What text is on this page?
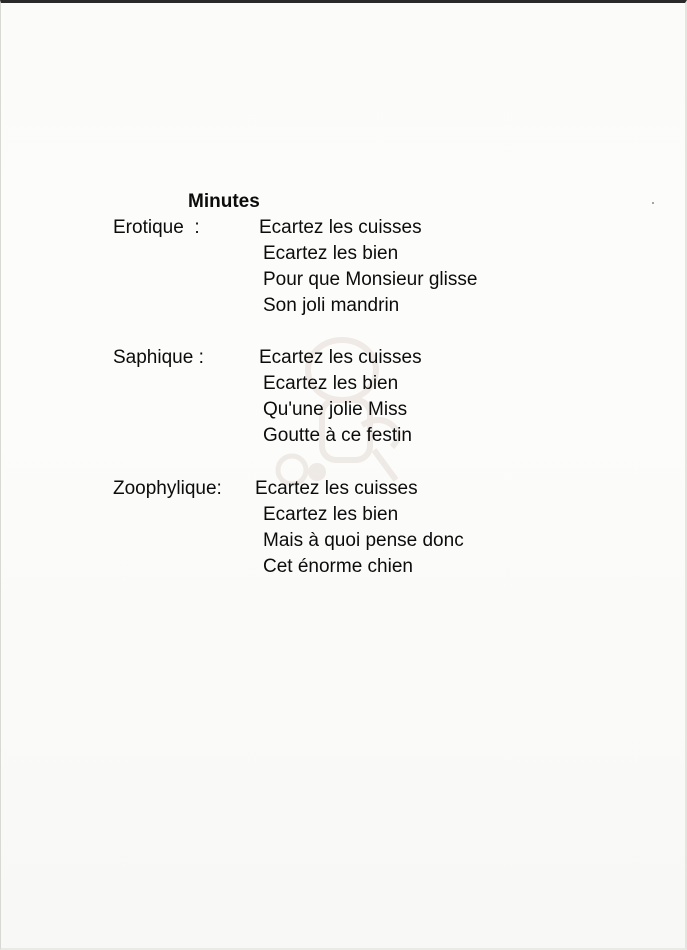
Minutes
Erotique  :	Ecartez les cuisses
Ecartez les bien
Pour que Monsieur glisse
Son joli mandrin
Saphique :	Ecartez les cuisses
Ecartez les bien
Qu'une jolie Miss
Goutte à ce festin
Zoophylique: Ecartez les cuisses
Ecartez les bien
Mais à quoi pense donc
Cet énorme chien
